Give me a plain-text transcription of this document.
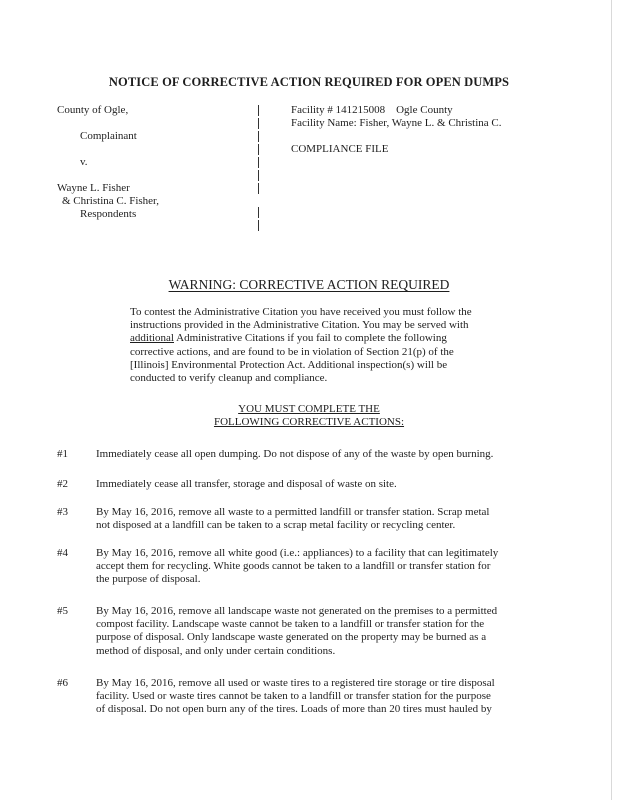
NOTICE OF CORRECTIVE ACTION REQUIRED FOR OPEN DUMPS
County of Ogle,
Complainant
v.
Wayne L. Fisher
& Christina C. Fisher,
Respondents
Facility # 141215008    Ogle County
Facility Name: Fisher, Wayne L. & Christina C.
COMPLIANCE FILE
WARNING: CORRECTIVE ACTION REQUIRED
To contest the Administrative Citation you have received you must follow the
instructions provided in the Administrative Citation. You may be served with
additional Administrative Citations if you fail to complete the following
corrective actions, and are found to be in violation of Section 21(p) of the
[Illinois] Environmental Protection Act. Additional inspection(s) will be
conducted to verify cleanup and compliance.
YOU MUST COMPLETE THE
FOLLOWING CORRECTIVE ACTIONS:
#1	Immediately cease all open dumping. Do not dispose of any of the waste by open burning.
#2	Immediately cease all transfer, storage and disposal of waste on site.
#3	By May 16, 2016, remove all waste to a permitted landfill or transfer station. Scrap metal
not disposed at a landfill can be taken to a scrap metal facility or recycling center.
#4	By May 16, 2016, remove all white good (i.e.: appliances) to a facility that can legitimately
accept them for recycling. White goods cannot be taken to a landfill or transfer station for
the purpose of disposal.
#5	By May 16, 2016, remove all landscape waste not generated on the premises to a permitted
compost facility. Landscape waste cannot be taken to a landfill or transfer station for the
purpose of disposal. Only landscape waste generated on the property may be burned as a
method of disposal, and only under certain conditions.
#6	By May 16, 2016, remove all used or waste tires to a registered tire storage or tire disposal
facility. Used or waste tires cannot be taken to a landfill or transfer station for the purpose
of disposal. Do not open burn any of the tires. Loads of more than 20 tires must hauled by
